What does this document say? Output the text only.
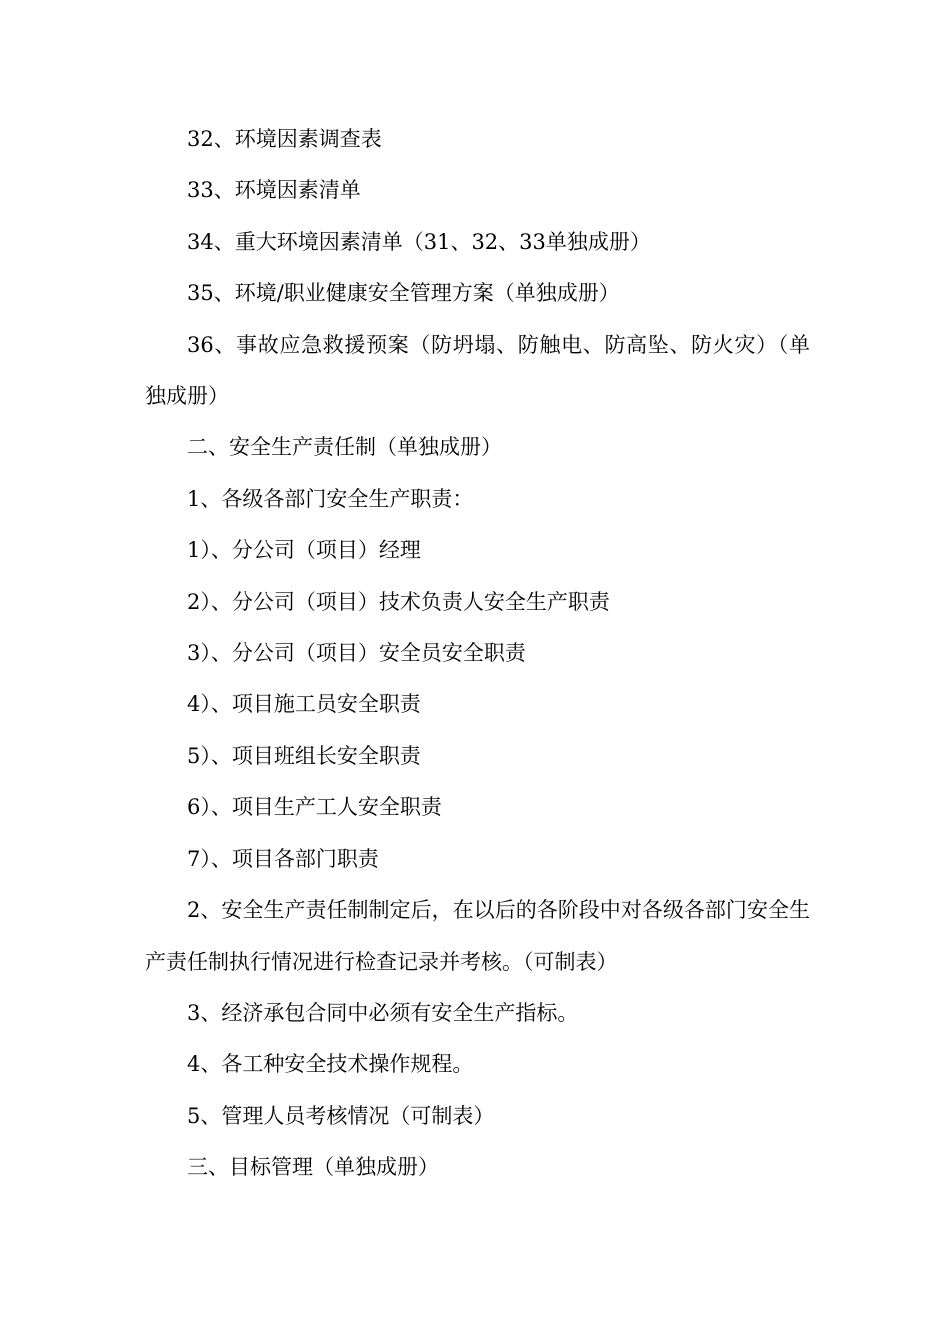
32、环境因素调查表

33、环境因素清单

34、重大环境因素清单（31、32、33单独成册）

35、环境/职业健康安全管理方案（单独成册）

36、事故应急救援预案（防坍塌、防触电、防高坠、防火灾）（单独成册）

二、安全生产责任制（单独成册）

1、各级各部门安全生产职责：

1）、分公司（项目）经理

2）、分公司（项目）技术负责人安全生产职责

3）、分公司（项目）安全员安全职责

4）、项目施工员安全职责

5）、项目班组长安全职责

6）、项目生产工人安全职责

7）、项目各部门职责

2、安全生产责任制制定后，在以后的各阶段中对各级各部门安全生产责任制执行情况进行检查记录并考核。（可制表）

3、经济承包合同中必须有安全生产指标。

4、各工种安全技术操作规程。

5、管理人员考核情况（可制表）

三、目标管理（单独成册）
